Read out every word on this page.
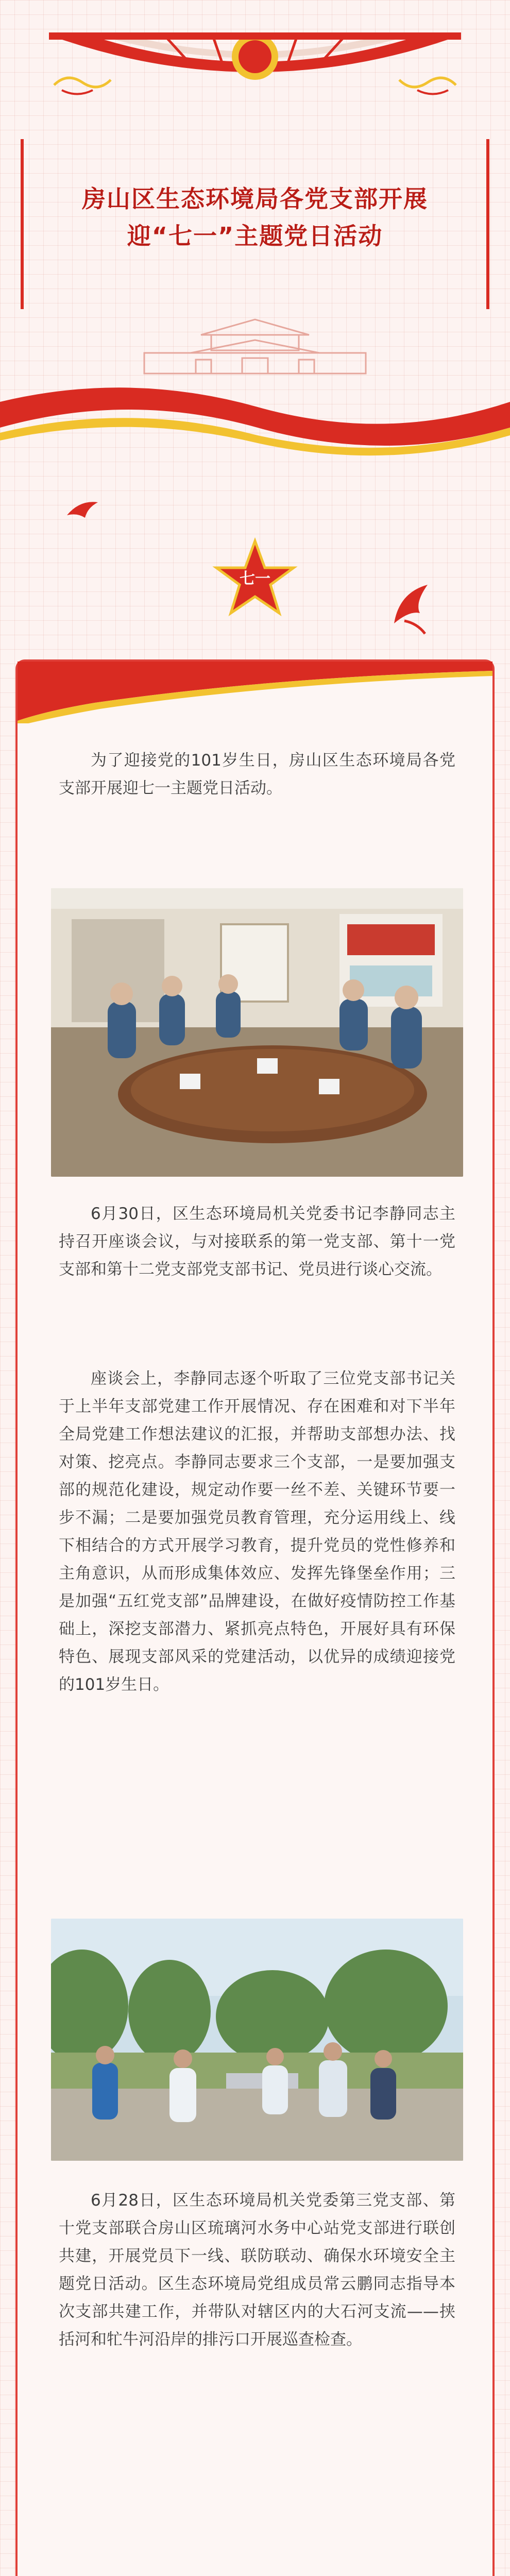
房山区生态环境局各党支部开展
迎“七一”主题党日活动
七一

为了迎接党的101岁生日，房山区生态环境局各党支部开展迎七一主题党日活动。

6月30日，区生态环境局机关党委书记李静同志主持召开座谈会议，与对接联系的第一党支部、第十一党支部和第十二党支部党支部书记、党员进行谈心交流。

座谈会上，李静同志逐个听取了三位党支部书记关于上半年支部党建工作开展情况、存在困难和对下半年全局党建工作想法建议的汇报，并帮助支部想办法、找对策、挖亮点。李静同志要求三个支部，一是要加强支部的规范化建设，规定动作要一丝不差、关键环节要一步不漏；二是要加强党员教育管理，充分运用线上、线下相结合的方式开展学习教育，提升党员的党性修养和主角意识，从而形成集体效应、发挥先锋堡垒作用；三是加强“五红党支部”品牌建设，在做好疫情防控工作基础上，深挖支部潜力、紧抓亮点特色，开展好具有环保特色、展现支部风采的党建活动，以优异的成绩迎接党的101岁生日。

6月28日，区生态环境局机关党委第三党支部、第十党支部联合房山区琉璃河水务中心站党支部进行联创共建，开展党员下一线、联防联动、确保水环境安全主题党日活动。区生态环境局党组成员常云鹏同志指导本次支部共建工作，并带队对辖区内的大石河支流——挟括河和牤牛河沿岸的排污口开展巡查检查。
